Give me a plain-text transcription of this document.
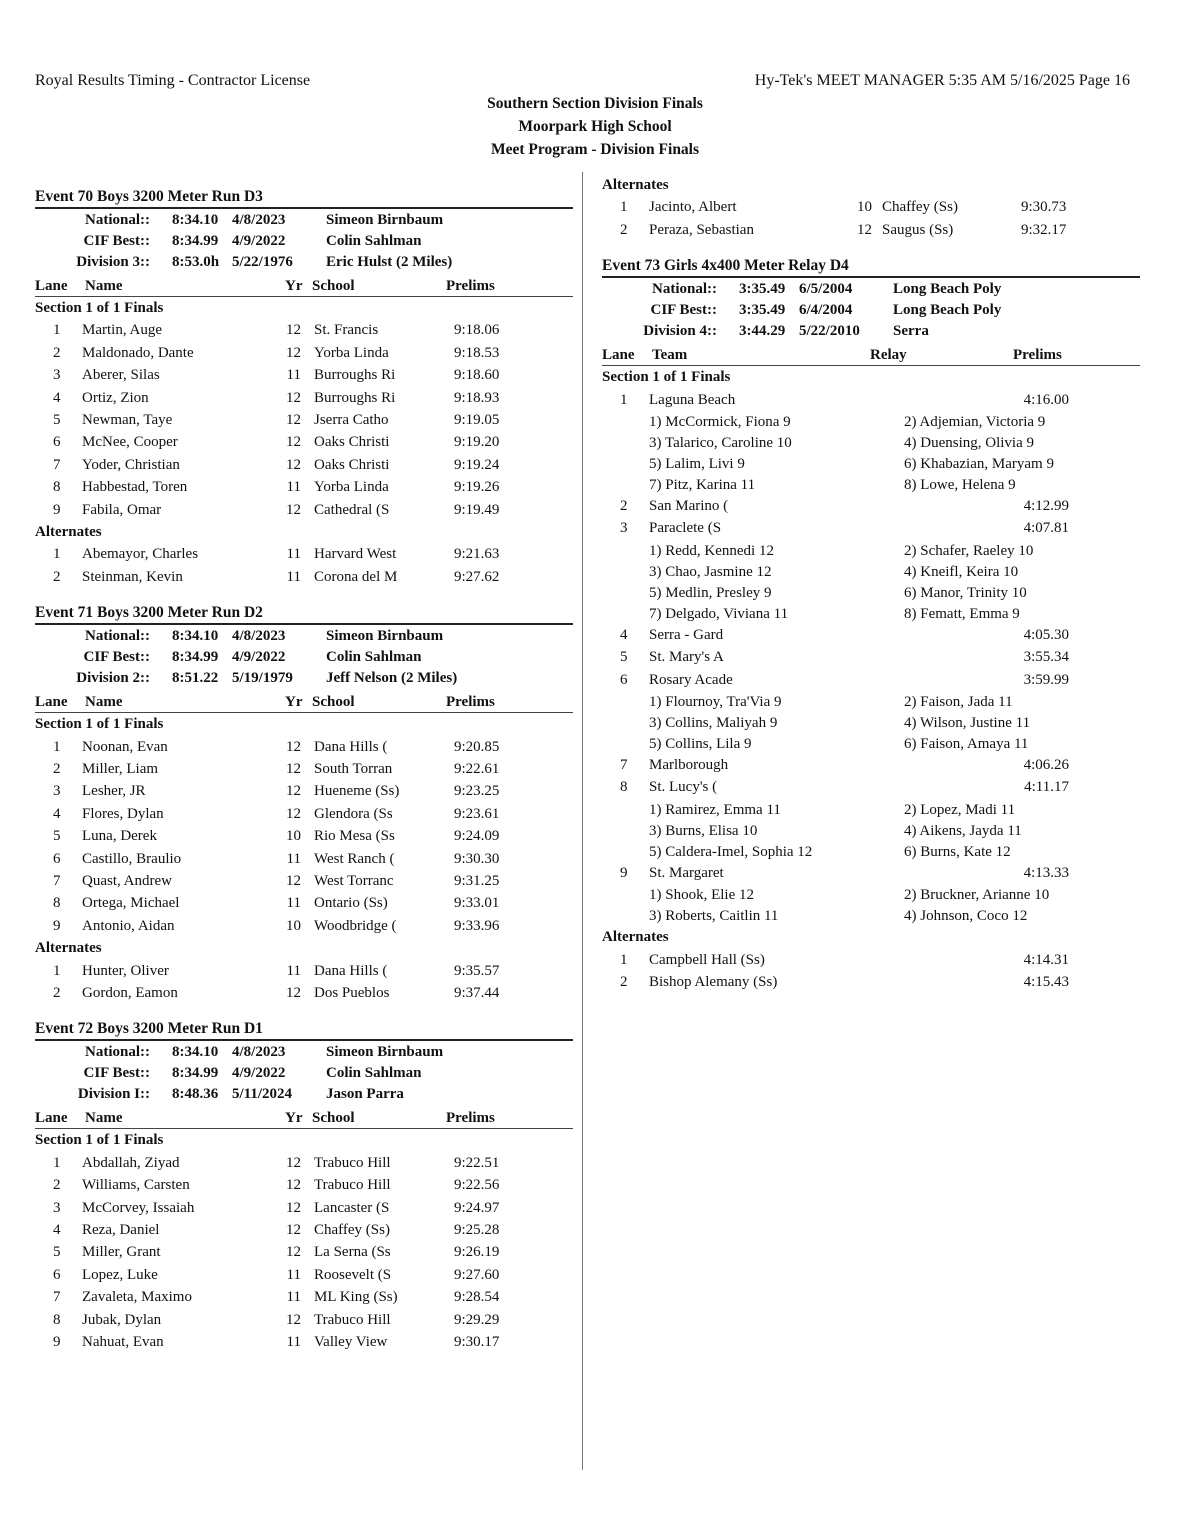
Royal Results Timing - Contractor License	Hy-Tek's MEET MANAGER 5:35 AM 5/16/2025 Page 16
Southern Section Division Finals
Moorpark High School
Meet Program - Division Finals
Event 70 Boys 3200 Meter Run D3
National:: 8:34.10 4/8/2023	Simeon Birnbaum
CIF Best:: 8:34.99 4/9/2022	Colin Sahlman
Division 3:: 8:53.0h 5/22/1976 Eric Hulst (2 Miles)
Lane Name	Yr School	Prelims
Section 1 of 1 Finals
1 Martin, Auge	12 St. Francis	9:18.06
2 Maldonado, Dante	12 Yorba Linda	9:18.53
3 Aberer, Silas	11 Burroughs Ri	9:18.60
4 Ortiz, Zion	12 Burroughs Ri	9:18.93
5 Newman, Taye	12 Jserra Catho	9:19.05
6 McNee, Cooper	12 Oaks Christi	9:19.20
7 Yoder, Christian	12 Oaks Christi	9:19.24
8 Habbestad, Toren	11 Yorba Linda	9:19.26
9 Fabila, Omar	12 Cathedral (S	9:19.49
Alternates
1 Abemayor, Charles	11 Harvard West	9:21.63
2 Steinman, Kevin	11 Corona del M	9:27.62
Event 71 Boys 3200 Meter Run D2
National:: 8:34.10 4/8/2023	Simeon Birnbaum
CIF Best:: 8:34.99 4/9/2022	Colin Sahlman
Division 2:: 8:51.22 5/19/1979 Jeff Nelson (2 Miles)
Lane Name	Yr School	Prelims
Section 1 of 1 Finals
1 Noonan, Evan	12 Dana Hills (	9:20.85
2 Miller, Liam	12 South Torran	9:22.61
3 Lesher, JR	12 Hueneme (Ss)	9:23.25
4 Flores, Dylan	12 Glendora (Ss	9:23.61
5 Luna, Derek	10 Rio Mesa (Ss	9:24.09
6 Castillo, Braulio	11 West Ranch (	9:30.30
7 Quast, Andrew	12 West Torranc	9:31.25
8 Ortega, Michael	11 Ontario (Ss)	9:33.01
9 Antonio, Aidan	10 Woodbridge (	9:33.96
Alternates
1 Hunter, Oliver	11 Dana Hills (	9:35.57
2 Gordon, Eamon	12 Dos Pueblos	9:37.44
Event 72 Boys 3200 Meter Run D1
National:: 8:34.10 4/8/2023	Simeon Birnbaum
CIF Best:: 8:34.99 4/9/2022	Colin Sahlman
Division I:: 8:48.36 5/11/2024 Jason Parra
Lane Name	Yr School	Prelims
Section 1 of 1 Finals
1 Abdallah, Ziyad	12 Trabuco Hill	9:22.51
2 Williams, Carsten	12 Trabuco Hill	9:22.56
3 McCorvey, Issaiah	12 Lancaster (S	9:24.97
4 Reza, Daniel	12 Chaffey (Ss)	9:25.28
5 Miller, Grant	12 La Serna (Ss	9:26.19
6 Lopez, Luke	11 Roosevelt (S	9:27.60
7 Zavaleta, Maximo	11 ML King (Ss)	9:28.54
8 Jubak, Dylan	12 Trabuco Hill	9:29.29
9 Nahuat, Evan	11 Valley View	9:30.17
Alternates
1 Jacinto, Albert	10 Chaffey (Ss)	9:30.73
2 Peraza, Sebastian	12 Saugus (Ss)	9:32.17
Event 73 Girls 4x400 Meter Relay D4
National:: 3:35.49 6/5/2004	Long Beach Poly
CIF Best:: 3:35.49 6/4/2004	Long Beach Poly
Division 4:: 3:44.29 5/22/2010 Serra
Lane Team	Relay	Prelims
Section 1 of 1 Finals
1 Laguna Beach	4:16.00
1) McCormick, Fiona 9	2) Adjemian, Victoria 9
3) Talarico, Caroline 10	4) Duensing, Olivia 9
5) Lalim, Livi 9	6) Khabazian, Maryam 9
7) Pitz, Karina 11	8) Lowe, Helena 9
2 San Marino (	4:12.99
3 Paraclete (S	4:07.81
1) Redd, Kennedi 12	2) Schafer, Raeley 10
3) Chao, Jasmine 12	4) Kneifl, Keira 10
5) Medlin, Presley 9	6) Manor, Trinity 10
7) Delgado, Viviana 11	8) Fematt, Emma 9
4 Serra - Gard	4:05.30
5 St. Mary's A	3:55.34
6 Rosary Acade	3:59.99
1) Flournoy, Tra'Via 9	2) Faison, Jada 11
3) Collins, Maliyah 9	4) Wilson, Justine 11
5) Collins, Lila 9	6) Faison, Amaya 11
7 Marlborough	4:06.26
8 St. Lucy's (	4:11.17
1) Ramirez, Emma 11	2) Lopez, Madi 11
3) Burns, Elisa 10	4) Aikens, Jayda 11
5) Caldera-Imel, Sophia 12	6) Burns, Kate 12
9 St. Margaret	4:13.33
1) Shook, Elie 12	2) Bruckner, Arianne 10
3) Roberts, Caitlin 11	4) Johnson, Coco 12
Alternates
1 Campbell Hall (Ss)	4:14.31
2 Bishop Alemany (Ss)	4:15.43
